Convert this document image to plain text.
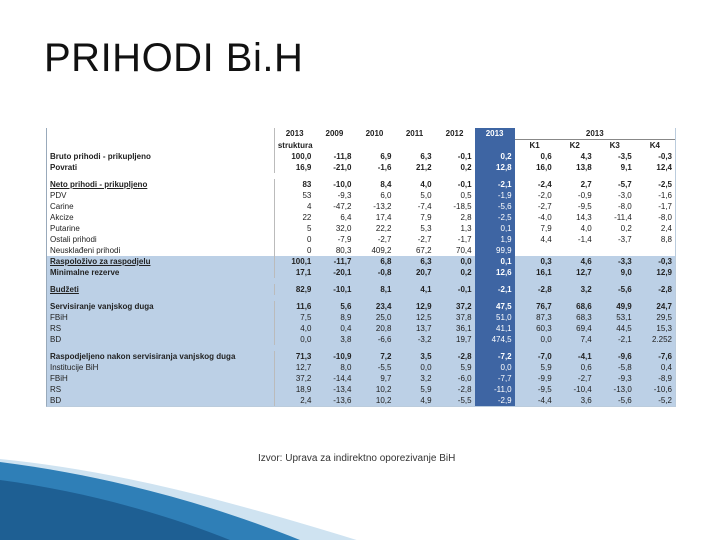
PRIHODI Bi.H
	2013	2009	2010	2011	2012	2013	2013			
	struktura						K1	K2	K3	K4
Bruto prihodi - prikupljeno	100,0	-11,8	6,9	6,3	-0,1	0,2	0,6	4,3	-3,5	-0,3
Povrati	16,9	-21,0	-1,6	21,2	0,2	12,8	16,0	13,8	9,1	12,4

Neto prihodi - prikupljeno	83	-10,0	8,4	4,0	-0,1	-2,1	-2,4	2,7	-5,7	-2,5
PDV	53	-9,3	6,0	5,0	0,5	-1,9	-2,0	-0,9	-3,0	-1,6
Carine	4	-47,2	-13,2	-7,4	-18,5	-5,6	-2,7	-9,5	-8,0	-1,7
Akcize	22	6,4	17,4	7,9	2,8	-2,5	-4,0	14,3	-11,4	-8,0
Putarine	5	32,0	22,2	5,3	1,3	0,1	7,9	4,0	0,2	2,4
Ostali prihodi	0	-7,9	-2,7	-2,7	-1,7	1,9	4,4	-1,4	-3,7	8,8
Neusklađeni prihodi	0	80,3	409,2	67,2	70,4	99,9				
Raspoloživo za raspodjelu	100,1	-11,7	6,8	6,3	0,0	0,1	0,3	4,6	-3,3	-0,3
Minimalne rezerve	17,1	-20,1	-0,8	20,7	0,2	12,6	16,1	12,7	9,0	12,9

Budžeti	82,9	-10,1	8,1	4,1	-0,1	-2,1	-2,8	3,2	-5,6	-2,8

Servisiranje vanjskog duga	11,6	5,6	23,4	12,9	37,2	47,5	76,7	68,6	49,9	24,7
FBiH	7,5	8,9	25,0	12,5	37,8	51,0	87,3	68,3	53,1	29,5
RS	4,0	0,4	20,8	13,7	36,1	41,1	60,3	69,4	44,5	15,3
BD	0,0	3,8	-6,6	-3,2	19,7	474,5	0,0	7,4	-2,1	2.252

Raspodjeljeno nakon servisiranja vanjskog duga	71,3	-10,9	7,2	3,5	-2,8	-7,2	-7,0	-4,1	-9,6	-7,6
Institucije BiH	12,7	8,0	-5,5	0,0	5,9	0,0	5,9	0,6	-5,8	0,4
FBiH	37,2	-14,4	9,7	3,2	-6,0	-7,7	-9,9	-2,7	-9,3	-8,9
RS	18,9	-13,4	10,2	5,9	-2,8	-11,0	-9,5	-10,4	-13,0	-10,6
BD	2,4	-13,6	10,2	4,9	-5,5	-2,9	-4,4	3,6	-5,6	-5,2
Izvor: Uprava za indirektno oporezivanje BiH
